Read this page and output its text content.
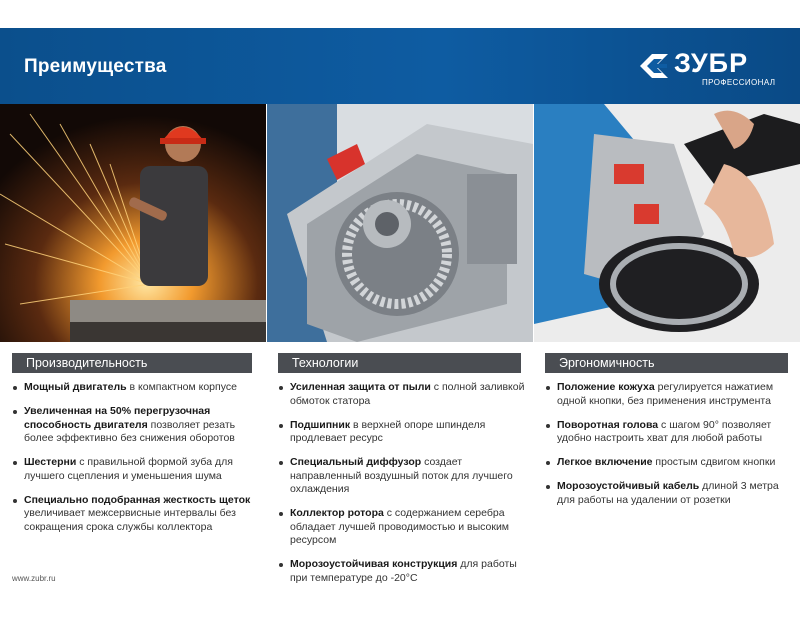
Преимущества	ЗУБР
ПРОФЕССИОНАЛ
Производительность	Технологии	Эргономичность
Мощный двигатель в компактном корпусе
Увеличенная на 50% перегрузочная способность двигателя позволяет резать более эффективно без снижения оборотов
Шестерни с правильной формой зуба для лучшего сцепления и уменьшения шума
Специально подобранная жесткость щеток увеличивает межсервисные интервалы без сокращения срока службы коллектора
Усиленная защита от пыли с полной заливкой обмоток статора
Подшипник в верхней опоре шпинделя продлевает ресурс
Специальный диффузор создает направленный воздушный поток для лучшего охлаждения
Коллектор ротора с содержанием серебра обладает лучшей проводимостью и высоким ресурсом
Морозоустойчивая конструкция для работы при температуре до -20°С
Положение кожуха регулируется нажатием одной кнопки, без применения инструмента
Поворотная голова с шагом 90° позволяет удобно настроить хват для любой работы
Легкое включение простым сдвигом кнопки
Морозоустойчивый кабель длиной 3 метра для работы на удалении от розетки
www.zubr.ru
